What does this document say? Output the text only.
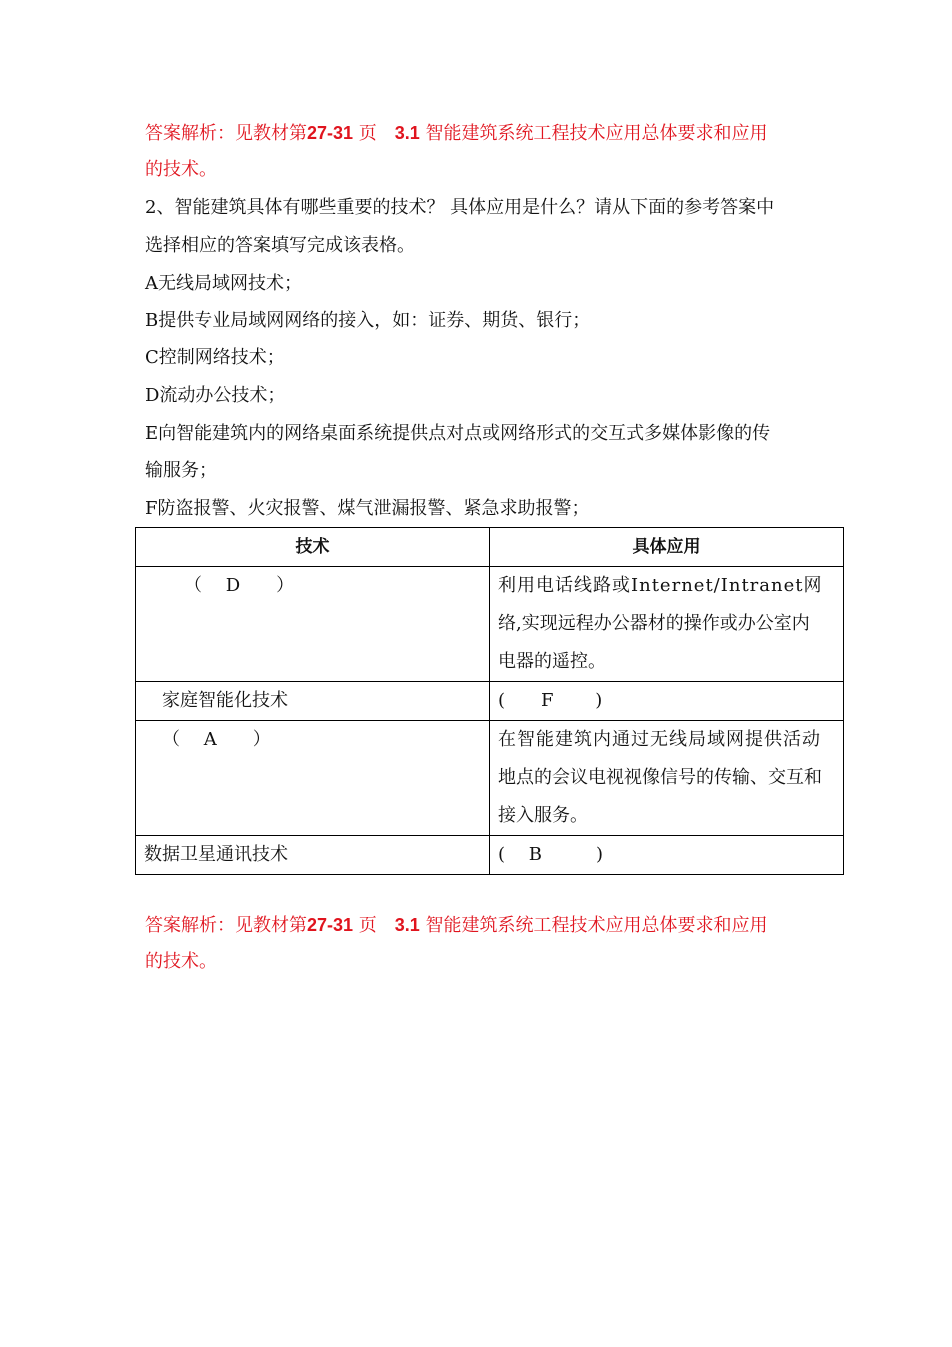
答案解析：见教材第27-31 页　 3.1 智能建筑系统工程技术应用总体要求和应用
的技术。
2、智能建筑具体有哪些重要的技术？ 具体应用是什么？请从下面的参考答案中
选择相应的答案填写完成该表格。
A无线局域网技术；
B提供专业局域网网络的接入，如：证券、期货、银行；
C控制网络技术；
D流动办公技术；
E向智能建筑内的网络桌面系统提供点对点或网络形式的交互式多媒体影像的传
输服务；
F防盗报警、火灾报警、煤气泄漏报警、紧急求助报警；
技术	具体应用
（　 D　　）	利用电话线路或Internet/Intranet网
络,实现远程办公器材的操作或办公室内
电器的遥控。

家庭智能化技术	(　　F　　 )

（　 A　　）	在智能建筑内通过无线局域网提供活动
地点的会议电视视像信号的传输、交互和
接入服务。

数据卫星通讯技术	(　 B　　　)
答案解析：见教材第27-31 页　 3.1 智能建筑系统工程技术应用总体要求和应用
的技术。
